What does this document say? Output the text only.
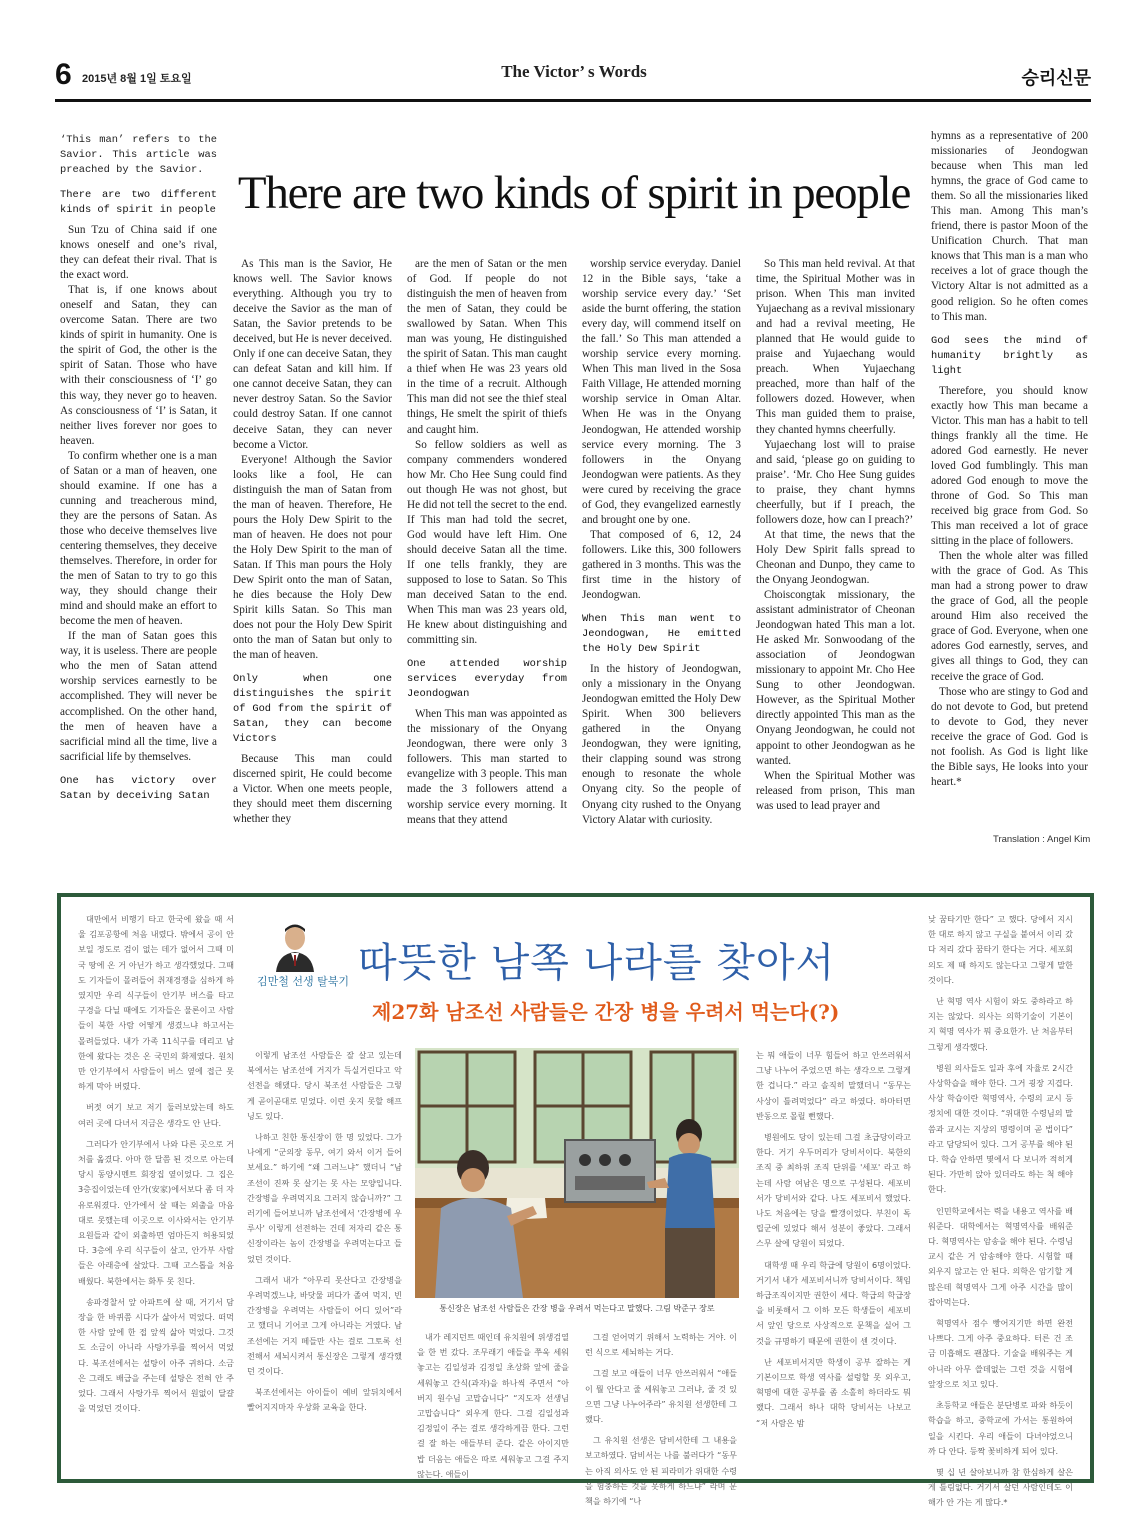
6 2015년 8월 1일 토요일	The Victor’ s Words	승리신문
There are two kinds of spirit in people
‘This man’ refers to the Savior. This article was preached by the Savior.
There are two different kinds of spirit in people

Sun Tzu of China said if one knows oneself and one’s rival, they can defeat their rival. That is the exact word.

That is, if one knows about oneself and Satan, they can overcome Satan. There are two kinds of spirit in humanity. One is the spirit of God, the other is the spirit of Satan. Those who have with their consciousness of ‘I’ go this way, they never go to heaven. As consciousness of ‘I’ is Satan, it neither lives forever nor goes to heaven.

To confirm whether one is a man of Satan or a man of heaven, one should examine. If one has a cunning and treacherous mind, they are the persons of Satan. As those who deceive themselves live centering themselves, they deceive themselves. Therefore, in order for the men of Satan to try to go this way, they should change their mind and should make an effort to become the men of heaven.

If the man of Satan goes this way, it is useless. There are people who the men of Satan attend worship services earnestly to be accomplished. They will never be accomplished. On the other hand, the men of heaven have a sacrificial mind all the time, live a sacrificial life by themselves.

One has victory over Satan by deceiving Satan

As This man is the Savior, He knows well. The Savior knows everything. Although you try to deceive the Savior as the man of Satan, the Savior pretends to be deceived, but He is never deceived. Only if one can deceive Satan, they can defeat Satan and kill him. If one cannot deceive Satan, they can never destroy Satan. So the Savior could destroy Satan. If one cannot deceive Satan, they can never become a Victor.

Everyone! Although the Savior looks like a fool, He can distinguish the man of Satan from the man of heaven. Therefore, He pours the Holy Dew Spirit to the man of heaven. He does not pour the Holy Dew Spirit to the man of Satan. If This man pours the Holy Dew Spirit onto the man of Satan, he dies because the Holy Dew Spirit kills Satan. So This man does not pour the Holy Dew Spirit onto the man of Satan but only to the man of heaven.

Only when one distinguishes the spirit of God from the spirit of Satan, they can become Victors

Because This man could discerned spirit, He could become a Victor. When one meets people, they should meet them discerning whether they

are the men of Satan or the men of God. If people do not distinguish the men of heaven from the men of Satan, they could be swallowed by Satan. When This man was young, He distinguished the spirit of Satan. This man caught a thief when He was 23 years old in the time of a recruit. Although This man did not see the thief steal things, He smelt the spirit of thiefs and caught him.

So fellow soldiers as well as company commenders wondered how Mr. Cho Hee Sung could find out though He was not ghost, but He did not tell the secret to the end. If This man had told the secret, God would have left Him. One should deceive Satan all the time. If one tells frankly, they are supposed to lose to Satan. So This man deceived Satan to the end. When This man was 23 years old, He knew about distinguishing and committing sin.

One attended worship services everyday from Jeondogwan

When This man was appointed as the missionary of the Onyang Jeondogwan, there were only 3 followers. This man started to evangelize with 3 people. This man made the 3 followers attend a worship service every morning. It means that they attend

worship service everyday. Daniel 12 in the Bible says, ‘take a worship service every day.’ ‘Set aside the burnt offering, the station every day, will commend itself on the fall.’ So This man attended a worship service every morning. When This man lived in the Sosa Faith Village, He attended morning worship service in Oman Altar. When He was in the Onyang Jeondogwan, He attended worship service every morning. The 3 followers in the Onyang Jeondogwan were patients. As they were cured by receiving the grace of God, they evangelized earnestly and brought one by one.

That composed of 6, 12, 24 followers. Like this, 300 followers gathered in 3 months. This was the first time in the history of Jeondogwan.

When This man went to Jeondogwan, He emitted the Holy Dew Spirit

In the history of Jeondogwan, only a missionary in the Onyang Jeondogwan emitted the Holy Dew Spirit. When 300 believers gathered in the Onyang Jeondogwan, they were igniting, their clapping sound was strong enough to resonate the whole Onyang city. So the people of Onyang city rushed to the Onyang Victory Alatar with curiosity.

So This man held revival. At that time, the Spiritual Mother was in prison. When This man invited Yujaechang as a revival missionary and had a revival meeting, He planned that He would guide to praise and Yujaechang would preach. When Yujaechang preached, more than half of the followers dozed. However, when This man guided them to praise, they chanted hymns cheerfully.

Yujaechang lost will to praise and said, ‘please go on guiding to praise’. ‘Mr. Cho Hee Sung guides to praise, they chant hymns cheerfully, but if I preach, the followers doze, how can I preach?’

At that time, the news that the Holy Dew Spirit falls spread to Cheonan and Dunpo, they came to the Onyang Jeondogwan.

Choiscongtak missionary, the assistant administrator of Cheonan Jeondogwan hated This man a lot. He asked Mr. Sonwoodang of the association of Jeondogwan missionary to appoint Mr. Cho Hee Sung to other Jeondogwan. However, as the Spiritual Mother directly appointed This man as the Onyang Jeondogwan, he could not appoint to other Jeondogwan as he wanted.

When the Spiritual Mother was released from prison, This man was used to lead prayer and

hymns as a representative of 200 missionaries of Jeondogwan because when This man led hymns, the grace of God came to them. So all the missionaries liked This man. Among This man’s friend, there is pastor Moon of the Unification Church. That man knows that This man is a man who receives a lot of grace though the Victory Altar is not admitted as a good religion. So he often comes to This man.

God sees the mind of humanity brightly as light

Therefore, you should know exactly how This man became a Victor. This man has a habit to tell things frankly all the time. He adored God earnestly. He never loved God fumblingly. This man adored God enough to move the throne of God. So This man received big grace from God. So This man received a lot of grace sitting in the place of followers.

Then the whole alter was filled with the grace of God. As This man had a strong power to draw the grace of God, all the people around Him also received the grace of God. Everyone, when one adores God earnestly, serves, and gives all things to God, they can receive the grace of God.

Those who are stingy to God and do not devote to God, but pretend to devote to God, they never receive the grace of God. God is not foolish. As God is light like the Bible says, He looks into your heart.*

Translation : Angel Kim

대만에서 비행기 타고 한국에 왔을 때 서울 김포공항에 처음 내렸다. 밖에서 공이 안 보일 정도로 검이 없는 데가 없어서 그때 미국 땅에 온 거 아닌가 하고 생각했었다. 그때도 기자들이 몰려들어 취재경쟁을 심하게 하였지만 우리 식구들이 안기부 버스를 타고 구경을 다닐 때에도 기자들은 물론이고 사람들이 북한 사람 어떻게 생겼느냐 하고서는 몰려들었다. 내가 가족 11식구를 데리고 남한에 왔다는 것은 온 국민의 화제였다. 원치만 안기부에서 사람들이 버스 옆에 접근 못하게 막아 버렸다.

버젓 여기 보고 저기 둘러보았는데 하도 여러 곳에 다녀서 지금은 생각도 안 난다.

그러다가 안기부에서 나와 다른 곳으로 거처를 옮겼다. 아마 한 달쯤 된 것으로 아는데 당시 동양시멘트 회장집 옆이었다. 그 집은 3층집이었는데 안가(安家)에서보다 좀 더 자유로워졌다. 안가에서 살 때는 외출을 마음대로 못했는데 이곳으로 이사와서는 안기부 요원들과 같이 외출하면 엄마든지 허용되었다. 3층에 우리 식구들이 살고, 안가부 사람들은 아래층에 살았다. 그때 고스톱을 처음 배웠다. 북한에서는 화투 못 친다.

송파경찰서 앞 아파트에 살 때, 거기서 담장을 한 바퀴쯤 시다가 삶아서 먹었다. 떠먹 한 사람 앞에 한 접 앞씩 삶아 먹었다. 그것도 소금이 아니라 사탕가루를 찍어서 먹었다. 북조선에서는 설탕이 아주 귀하다. 소금은 그래도 배급을 주는데 설탕은 전혀 안 주었다. 그래서 사탕가루 찍어서 원없이 달걀을 먹었던 것이다.

김만철 선생 탈북기 따뜻한 남쪽 나라를 찾아서
제27화 남조선 사람들은 간장 병을 우려서 먹는다(?)

이렇게 남조선 사람들은 잘 살고 있는데 북에서는 남조선에 거지가 득실거린다고 악선전을 해댔다. 당시 북조선 사람들은 그렇게 곧이곧대로 믿었다. 이런 웃지 못할 해프닝도 있다.

나하고 친한 통신장이 한 명 있었다. 그가 나에게 “군의장 동무, 여기 와서 이거 들어보세요.” 하기에 “왜 그러느냐” 했더니 “남조선이 진짜 못 살기는 못 사는 모양입니다. 간장병을 우려먹지요 그러지 않습니까?” 그러기에 들어보니까 남조선에서 '간장병에 우루사' 이렇게 선전하는 건데 저자리 같은 통신장이라는 놈이 간장병을 우려먹는다고 들었던 것이다.

그래서 내가 “아무리 못산다고 간장병을 우려먹겠느냐, 바닷물 퍼다가 졸여 먹지, 빈 간장병을 우려먹는 사람들이 어디 있어”라고 했더니 기어코 그게 아니라는 거였다. 남조선에는 거지 떼들만 사는 걸로 그토록 선전해서 세뇌시켜서 통신장은 그렇게 생각했던 것이다.

북조선에서는 아이들이 예비 앞뒤치에서 빨어지지마자 우상화 교육을 한다.

통신장은 남조선 사람들은 간장 병을 우려서 먹는다고 말했다. 그림 박준구 장로

내가 레지던트 때인데 유치원에 위생검열을 한 번 갔다. 조무래기 애들을 쭈욱 세워놓고는 김일성과 김정일 초상화 앞에 줄을 세워놓고 간식(과자)을 하나씩 주면서 “아버지 원수님 고맙습니다” “지도자 선생님 고맙습니다” 외우게 한다. 그걸 김일성과 김정일이 주는 걸로 생각하게끔 한다. 그런 걸 잘 하는 애들부터 준다. 같은 아이지만 밥 더음는 애들은 따로 세워놓고 그걸 주지 않는다. 애들이

그걸 얻어먹기 위해서 노력하는 거야. 이런 식으로 세뇌하는 거다.

그걸 보고 애들이 너무 안쓰러워서 “애들이 뭘 안다고 줄 세워놓고 그러냐, 줄 것 있으면 그냥 나누어주라” 유치원 선생한테 그랬다.

그 유치원 선생은 담비서한테 그 내용을 보고하였다. 담비서는 나를 불러다가 “동무는 아직 의사도 안 된 피라미가 위대한 수령을 험충하는 것을 못하게 하느냐” 라며 문책을 하기에 “나

는 뭐 애들이 너무 힘들어 하고 안쓰러워서 그냥 나누어 주었으면 하는 생각으로 그렇게 한 겁니다.” 라고 솔직히 말했더니 “동무는 사상이 틀려먹었다” 라고 하였다. 하마터면 반동으로 몰릴 뻔했다.

병원에도 당이 있는데 그걸 초급당이라고 한다. 거기 우두머리가 당비서이다. 북한의 조직 중 최하위 조직 단위를 '세포' 라고 하는데 사람 여남은 명으로 구성된다. 세포비서가 당비서와 같다. 나도 세포비서 했었다. 나도 처음에는 당을 빨갱이었다. 부친이 독립군에 있었다 해서 성분이 좋았다. 그래서 스무 살에 당원이 되었다.

대학생 때 우리 학급에 당원이 6명이었다. 거기서 내가 세포비서니까 당비서이다. 책임 하급조직이지만 권한이 세다. 학급의 학급장을 비롯해서 그 이하 모든 학생들이 세포비서 앞인 당으로 사상적으로 문책을 실어 그것을 규명하기 때문에 권한이 센 것이다.

난 세포비서지만 학생이 공부 잘하는 게 기본이므로 학생 역사를 설렁할 못 외우고, 혁명에 대한 공부를 좀 소홀히 하더라도 뭐랬다. 그래서 하나 대학 당비서는 나보고 “저 사람은 밤

낮 꿈타기만 한다” 고 했다. 당에서 지시한 대로 하지 않고 구실을 붙여서 이리 갔다 저리 갔다 꿈타기 한다는 거다. 세포회의도 제 때 하지도 않는다고 그렇게 말한 것이다.

난 혁명 역사 시험이 와도 중하라고 하지는 않았다. 의사는 의학기술이 기본이지 혁명 역사가 뭐 중요한가. 난 처음부터 그렇게 생각했다.

병원 의사들도 일과 후에 자율로 2시간 사상학습을 해야 한다. 그거 굉장 지겹다. 사상 학습이란 혁명역사, 수령의 교시 등 정치에 대한 것이다. “위대한 수령님의 말씀과 교시는 지상의 명령이며 곧 법이다” 라고 담당되어 있다. 그거 공부를 해야 된다. 학습 안하면 몇에서 다 보니까 적히게 된다. 가만히 앉아 있더라도 하는 척 해야 한다.

인민학교에서는 력을 내용고 역사를 배워준다. 대학에서는 혁명역사를 배워준다. 혁명역사는 암송을 해야 된다. 수령님 교시 같은 거 암송해야 한다. 시험할 때 외우지 않고는 안 된다. 의학은 암기할 게 많은데 혁명역사 그게 아주 시간을 많이 잡아먹는다.

혁명역사 점수 빵어지기만 하면 완전 나쁘다. 그게 아주 중요하다. 터른 건 조금 미흡해도 괜찮다. 기술을 배워주는 게 아니라 아무 쓸데없는 그런 것을 시험에 앞장으로 치고 있다.

초등학교 애들은 분단병로 파와 하듯이 학습을 하고, 중학교에 가서는 통원하여 일을 시킨다. 우리 애들이 다녀야었으니까 다 안다. 등짝 꽃비하게 되어 있다.

몇 십 년 살아보니까 참 한심하게 살은 게 틀림없다. 거기서 살던 사람인데도 이해가 안 가는 게 많다.*
